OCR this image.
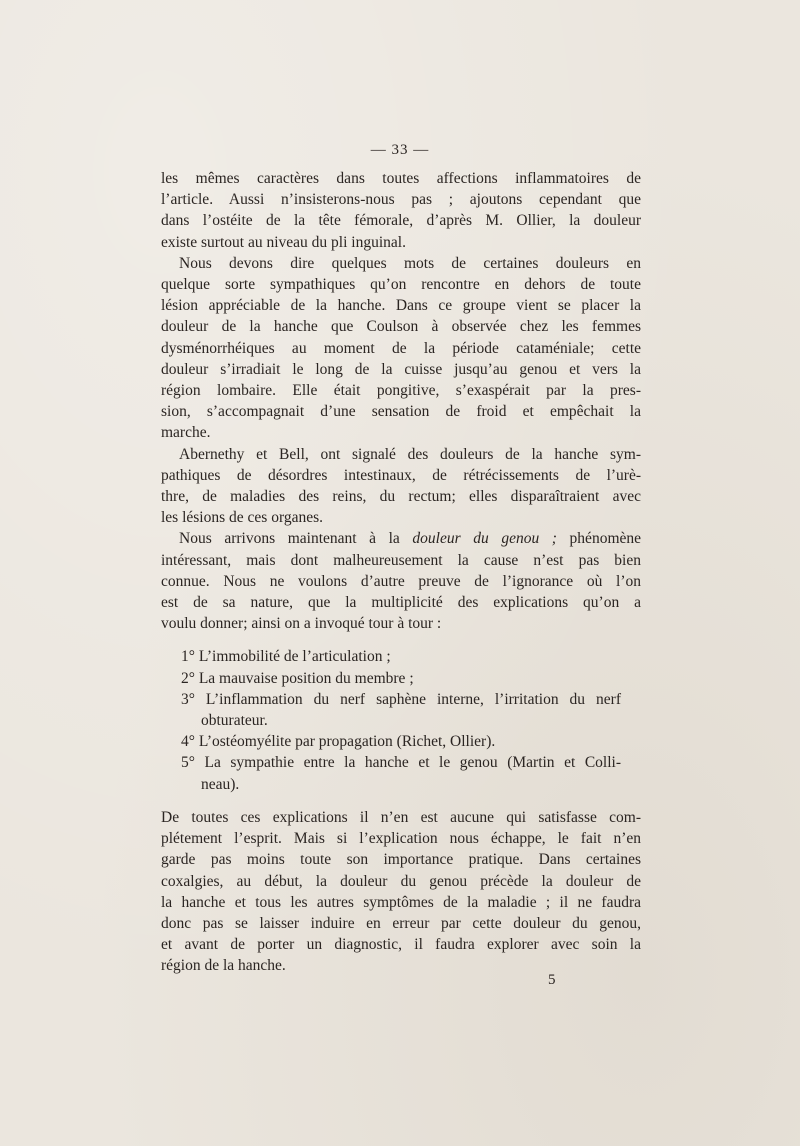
— 33 —
les mêmes caractères dans toutes affections inflammatoires de
l’article. Aussi n’insisterons-nous pas ; ajoutons cependant que
dans l’ostéite de la tête fémorale, d’après M. Ollier, la douleur
existe surtout au niveau du pli inguinal.
Nous devons dire quelques mots de certaines douleurs en
quelque sorte sympathiques qu’on rencontre en dehors de toute
lésion appréciable de la hanche. Dans ce groupe vient se placer la
douleur de la hanche que Coulson à observée chez les femmes
dysménorrhéiques au moment de la période cataméniale; cette
douleur s’irradiait le long de la cuisse jusqu’au genou et vers la
région lombaire. Elle était pongitive, s’exaspérait par la pres-
sion, s’accompagnait d’une sensation de froid et empêchait la
marche.
Abernethy et Bell, ont signalé des douleurs de la hanche sym-
pathiques de désordres intestinaux, de rétrécissements de l’urè-
thre, de maladies des reins, du rectum; elles disparaîtraient avec
les lésions de ces organes.
Nous arrivons maintenant à la douleur du genou ; phénomène
intéressant, mais dont malheureusement la cause n’est pas bien
connue. Nous ne voulons d’autre preuve de l’ignorance où l’on
est de sa nature, que la multiplicité des explications qu’on a
voulu donner; ainsi on a invoqué tour à tour :
1° L’immobilité de l’articulation ;
2° La mauvaise position du membre ;
3° L’inflammation du nerf saphène interne, l’irritation du nerf
obturateur.
4° L’ostéomyélite par propagation (Richet, Ollier).
5° La sympathie entre la hanche et le genou (Martin et Colli-
neau).
De toutes ces explications il n’en est aucune qui satisfasse com-
plétement l’esprit. Mais si l’explication nous échappe, le fait n’en
garde pas moins toute son importance pratique. Dans certaines
coxalgies, au début, la douleur du genou précède la douleur de
la hanche et tous les autres symptômes de la maladie ; il ne faudra
donc pas se laisser induire en erreur par cette douleur du genou,
et avant de porter un diagnostic, il faudra explorer avec soin la
région de la hanche.
5
